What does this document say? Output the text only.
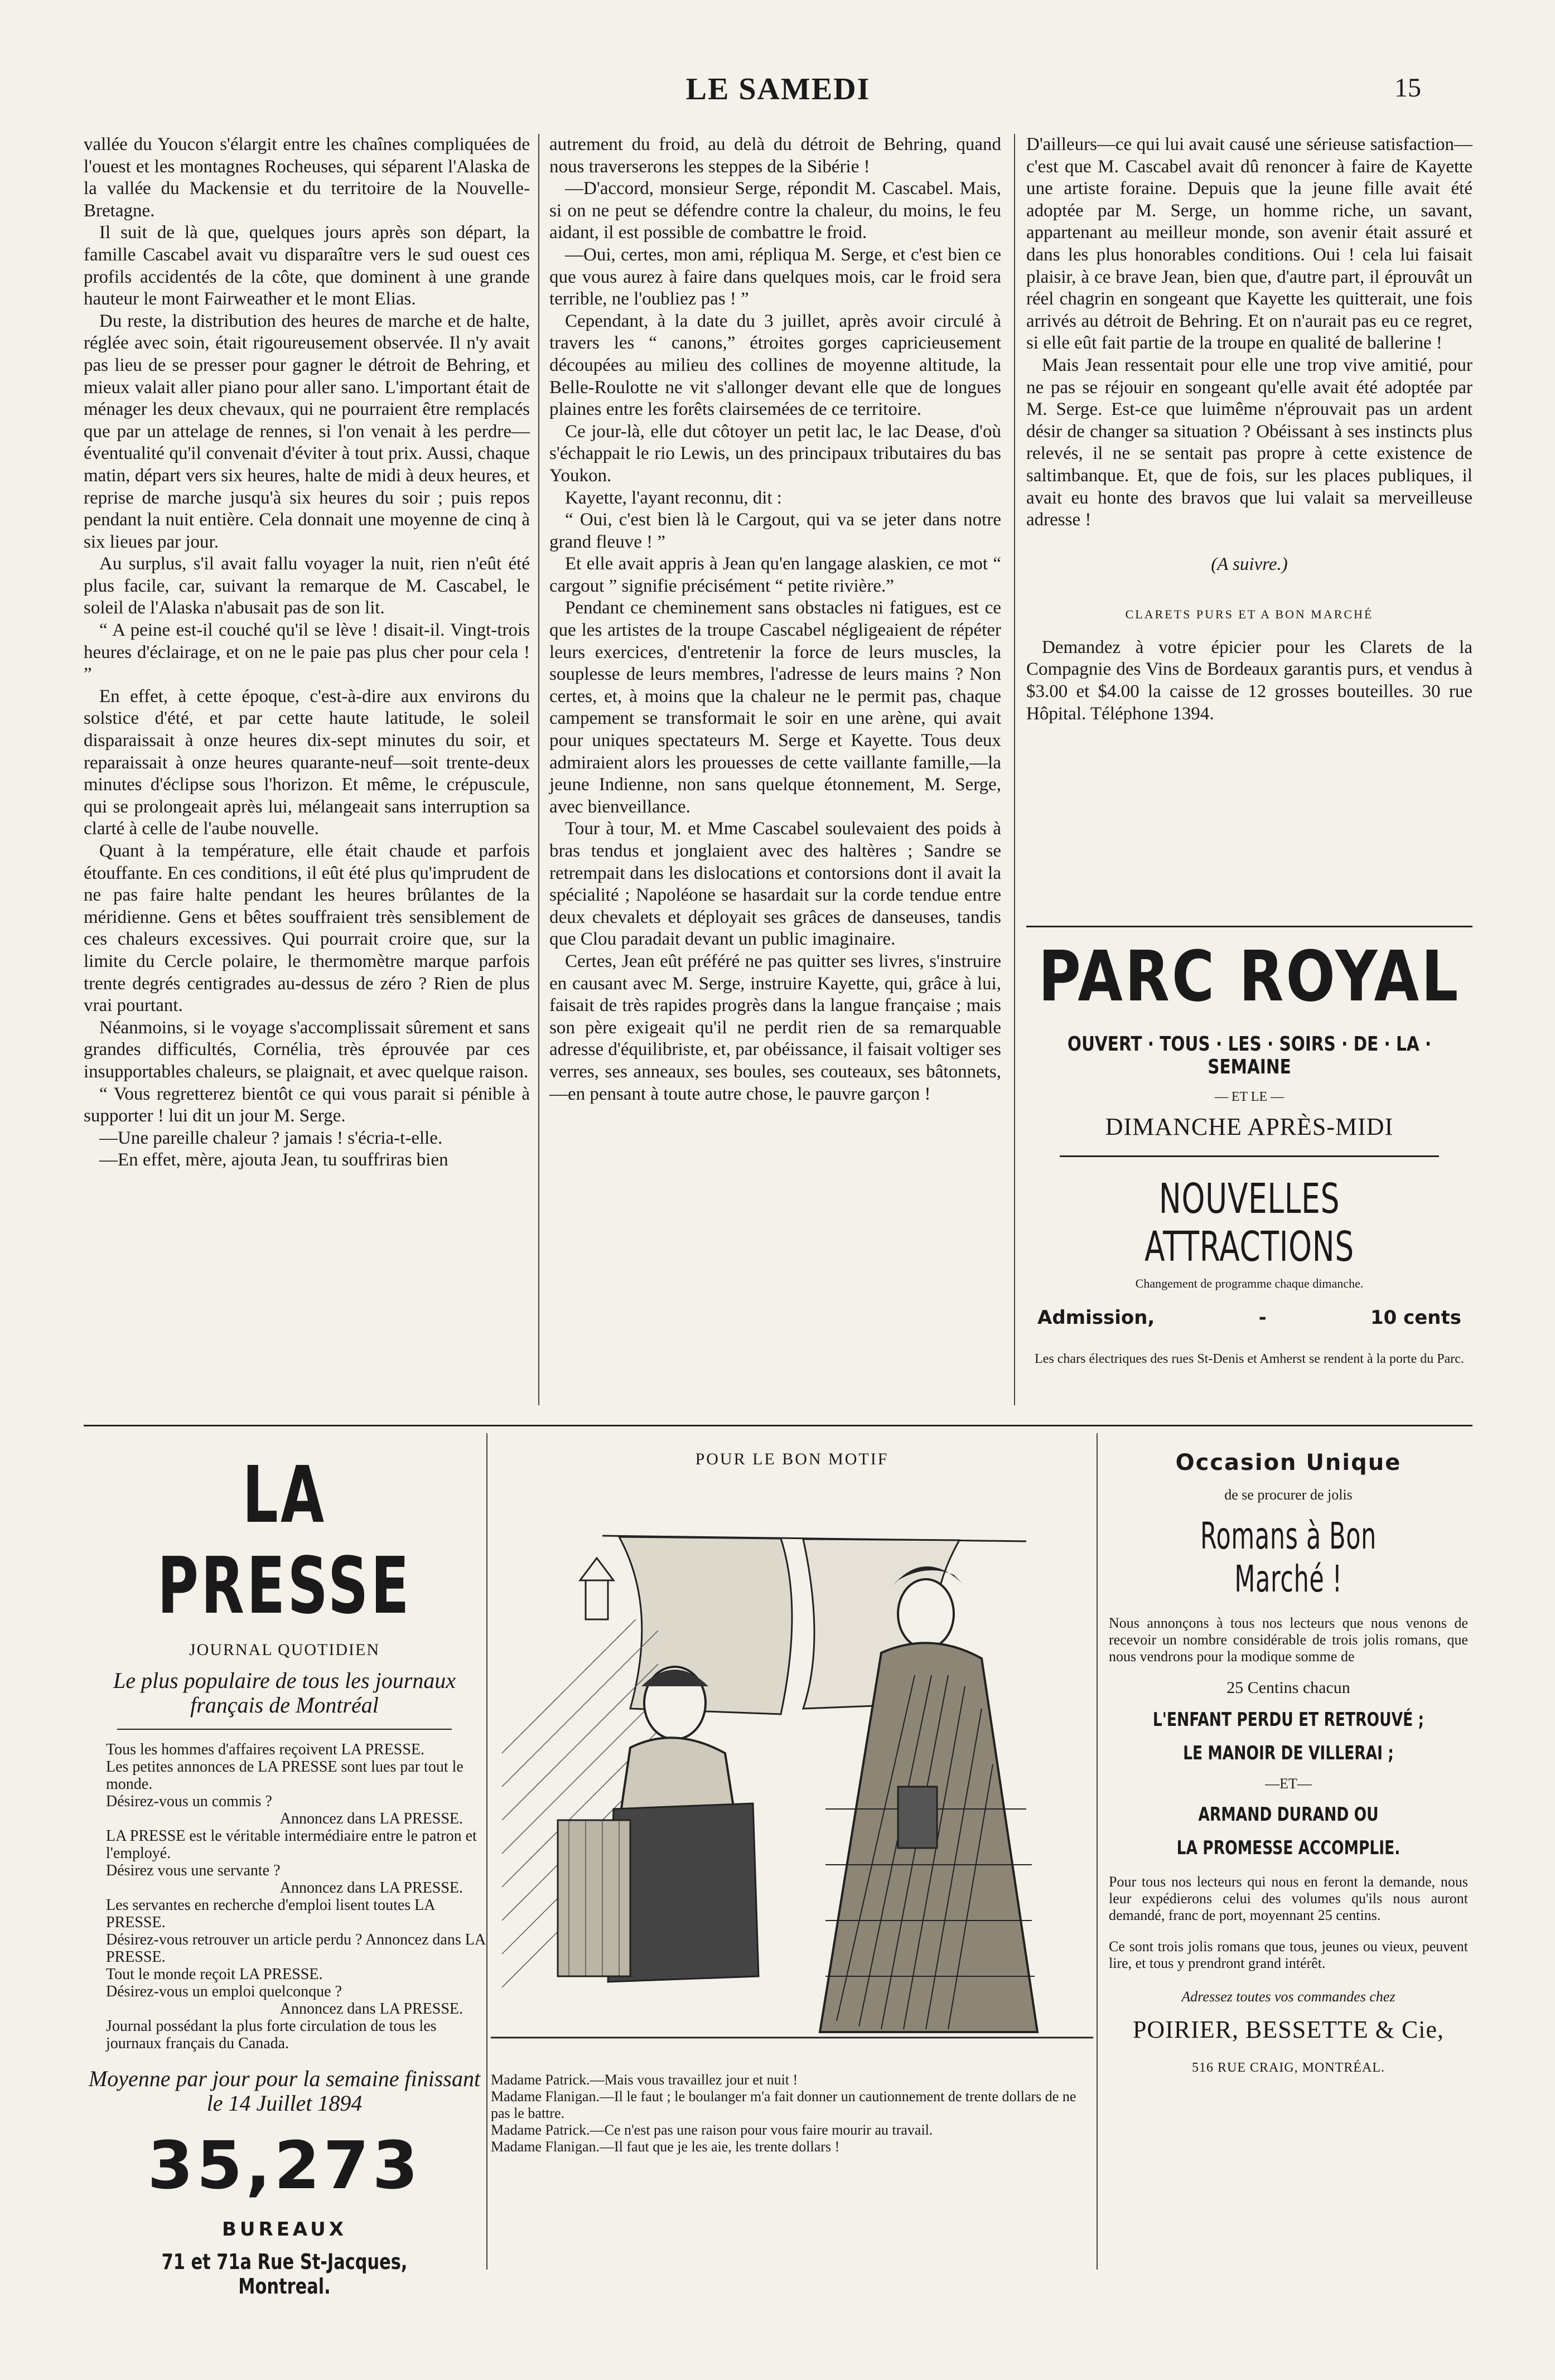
LE SAMEDI	15

vallée du Youcon s'élargit entre les chaînes compliquées de l'ouest et les montagnes Rocheuses, qui séparent l'Alaska de la vallée du Mackensie et du territoire de la Nouvelle-Bretagne.

Il suit de là que, quelques jours après son départ, la famille Cascabel avait vu disparaître vers le sud ouest ces profils accidentés de la côte, que dominent à une grande hauteur le mont Fairweather et le mont Elias.

Du reste, la distribution des heures de marche et de halte, réglée avec soin, était rigoureusement observée. Il n'y avait pas lieu de se presser pour gagner le détroit de Behring, et mieux valait aller piano pour aller sano. L'important était de ménager les deux chevaux, qui ne pourraient être remplacés que par un attelage de rennes, si l'on venait à les perdre—éventualité qu'il convenait d'éviter à tout prix. Aussi, chaque matin, départ vers six heures, halte de midi à deux heures, et reprise de marche jusqu'à six heures du soir ; puis repos pendant la nuit entière. Cela donnait une moyenne de cinq à six lieues par jour.

Au surplus, s'il avait fallu voyager la nuit, rien n'eût été plus facile, car, suivant la remarque de M. Cascabel, le soleil de l'Alaska n'abusait pas de son lit.

“ A peine est-il couché qu'il se lève ! disait-il. Vingt-trois heures d'éclairage, et on ne le paie pas plus cher pour cela ! ”

En effet, à cette époque, c'est-à-dire aux environs du solstice d'été, et par cette haute latitude, le soleil disparaissait à onze heures dix-sept minutes du soir, et reparaissait à onze heures quarante-neuf—soit trente-deux minutes d'éclipse sous l'horizon. Et même, le crépuscule, qui se prolongeait après lui, mélangeait sans interruption sa clarté à celle de l'aube nouvelle.

Quant à la température, elle était chaude et parfois étouffante. En ces conditions, il eût été plus qu'imprudent de ne pas faire halte pendant les heures brûlantes de la méridienne. Gens et bêtes souffraient très sensiblement de ces chaleurs excessives. Qui pourrait croire que, sur la limite du Cercle polaire, le thermomètre marque parfois trente degrés centigrades au-dessus de zéro ? Rien de plus vrai pourtant.

Néanmoins, si le voyage s'accomplissait sûrement et sans grandes difficultés, Cornélia, très éprouvée par ces insupportables chaleurs, se plaignait, et avec quelque raison.

“ Vous regretterez bientôt ce qui vous parait si pénible à supporter ! lui dit un jour M. Serge.

—Une pareille chaleur ? jamais ! s'écria-t-elle.

—En effet, mère, ajouta Jean, tu souffriras bien

autrement du froid, au delà du détroit de Behring, quand nous traverserons les steppes de la Sibérie !

—D'accord, monsieur Serge, répondit M. Cascabel. Mais, si on ne peut se défendre contre la chaleur, du moins, le feu aidant, il est possible de combattre le froid.

—Oui, certes, mon ami, répliqua M. Serge, et c'est bien ce que vous aurez à faire dans quelques mois, car le froid sera terrible, ne l'oubliez pas ! ”

Cependant, à la date du 3 juillet, après avoir circulé à travers les “ canons,” étroites gorges capricieusement découpées au milieu des collines de moyenne altitude, la Belle-Roulotte ne vit s'allonger devant elle que de longues plaines entre les forêts clairsemées de ce territoire.

Ce jour-là, elle dut côtoyer un petit lac, le lac Dease, d'où s'échappait le rio Lewis, un des principaux tributaires du bas Youkon.

Kayette, l'ayant reconnu, dit :

“ Oui, c'est bien là le Cargout, qui va se jeter dans notre grand fleuve ! ”

Et elle avait appris à Jean qu'en langage alaskien, ce mot “ cargout ” signifie précisément “ petite rivière.”

Pendant ce cheminement sans obstacles ni fatigues, est ce que les artistes de la troupe Cascabel négligeaient de répéter leurs exercices, d'entretenir la force de leurs muscles, la souplesse de leurs membres, l'adresse de leurs mains ? Non certes, et, à moins que la chaleur ne le permit pas, chaque campement se transformait le soir en une arène, qui avait pour uniques spectateurs M. Serge et Kayette. Tous deux admiraient alors les prouesses de cette vaillante famille,—la jeune Indienne, non sans quelque étonnement, M. Serge, avec bienveillance.

Tour à tour, M. et Mme Cascabel soulevaient des poids à bras tendus et jonglaient avec des haltères ; Sandre se retrempait dans les dislocations et contorsions dont il avait la spécialité ; Napoléone se hasardait sur la corde tendue entre deux chevalets et déployait ses grâces de danseuses, tandis que Clou paradait devant un public imaginaire.

Certes, Jean eût préféré ne pas quitter ses livres, s'instruire en causant avec M. Serge, instruire Kayette, qui, grâce à lui, faisait de très rapides progrès dans la langue française ; mais son père exigeait qu'il ne perdit rien de sa remarquable adresse d'équilibriste, et, par obéissance, il faisait voltiger ses verres, ses anneaux, ses boules, ses couteaux, ses bâtonnets,—en pensant à toute autre chose, le pauvre garçon !

D'ailleurs—ce qui lui avait causé une sérieuse satisfaction—c'est que M. Cascabel avait dû renoncer à faire de Kayette une artiste foraine. Depuis que la jeune fille avait été adoptée par M. Serge, un homme riche, un savant, appartenant au meilleur monde, son avenir était assuré et dans les plus honorables conditions. Oui ! cela lui faisait plaisir, à ce brave Jean, bien que, d'autre part, il éprouvât un réel chagrin en songeant que Kayette les quitterait, une fois arrivés au détroit de Behring. Et on n'aurait pas eu ce regret, si elle eût fait partie de la troupe en qualité de ballerine !

Mais Jean ressentait pour elle une trop vive amitié, pour ne pas se réjouir en songeant qu'elle avait été adoptée par M. Serge. Est-ce que luimême n'éprouvait pas un ardent désir de changer sa situation ? Obéissant à ses instincts plus relevés, il ne se sentait pas propre à cette existence de saltimbanque. Et, que de fois, sur les places publiques, il avait eu honte des bravos que lui valait sa merveilleuse adresse !

(A suivre.)

CLARETS PURS ET A BON MARCHÉ

Demandez à votre épicier pour les Clarets de la Compagnie des Vins de Bordeaux garantis purs, et vendus à $3.00 et $4.00 la caisse de 12 grosses bouteilles. 30 rue Hôpital. Téléphone 1394.

PARC ROYAL
OUVERT · TOUS · LES · SOIRS · DE · LA · SEMAINE
— ET LE —
DIMANCHE APRÈS-MIDI
NOUVELLES ATTRACTIONS
Changement de programme chaque dimanche.
Admission,	-	10 cents
Les chars électriques des rues St-Denis et Amherst se rendent à la porte du Parc.
LA PRESSE
JOURNAL QUOTIDIEN
Le plus populaire de tous les journaux français de Montréal
Tous les hommes d'affaires reçoivent LA PRESSE.
Les petites annonces de LA PRESSE sont lues par tout le monde.
Désirez-vous un commis ?
Annoncez dans LA PRESSE.
LA PRESSE est le véritable intermédiaire entre le patron et l'employé.
Désirez vous une servante ?
Annoncez dans LA PRESSE.
Les servantes en recherche d'emploi lisent toutes LA PRESSE.
Désirez-vous retrouver un article perdu ? Annoncez dans LA PRESSE.
Tout le monde reçoit LA PRESSE.
Désirez-vous un emploi quelconque ?
Annoncez dans LA PRESSE.
Journal possédant la plus forte circulation de tous les journaux français du Canada.
Moyenne par jour pour la semaine finissant le 14 Juillet 1894
35,273
BUREAUX
71 et 71a Rue St-Jacques, Montreal.
POUR LE BON MOTIF

Madame Patrick.—Mais vous travaillez jour et nuit !

Madame Flanigan.—Il le faut ; le boulanger m'a fait donner un cautionnement de trente dollars de ne pas le battre.

Madame Patrick.—Ce n'est pas une raison pour vous faire mourir au travail.

Madame Flanigan.—Il faut que je les aie, les trente dollars !

Occasion Unique
de se procurer de jolis
Romans à Bon Marché !
Nous annonçons à tous nos lecteurs que nous venons de recevoir un nombre considérable de trois jolis romans, que nous vendrons pour la modique somme de
25 Centins chacun
L'ENFANT PERDU ET RETROUVÉ ;
LE MANOIR DE VILLERAI ;
—ET—
ARMAND DURAND OU
LA PROMESSE ACCOMPLIE.
Pour tous nos lecteurs qui nous en feront la demande, nous leur expédierons celui des volumes qu'ils nous auront demandé, franc de port, moyennant 25 centins.
Ce sont trois jolis romans que tous, jeunes ou vieux, peuvent lire, et tous y prendront grand intérêt.
Adressez toutes vos commandes chez
POIRIER, BESSETTE & Cie,
516 RUE CRAIG, MONTRÉAL.
